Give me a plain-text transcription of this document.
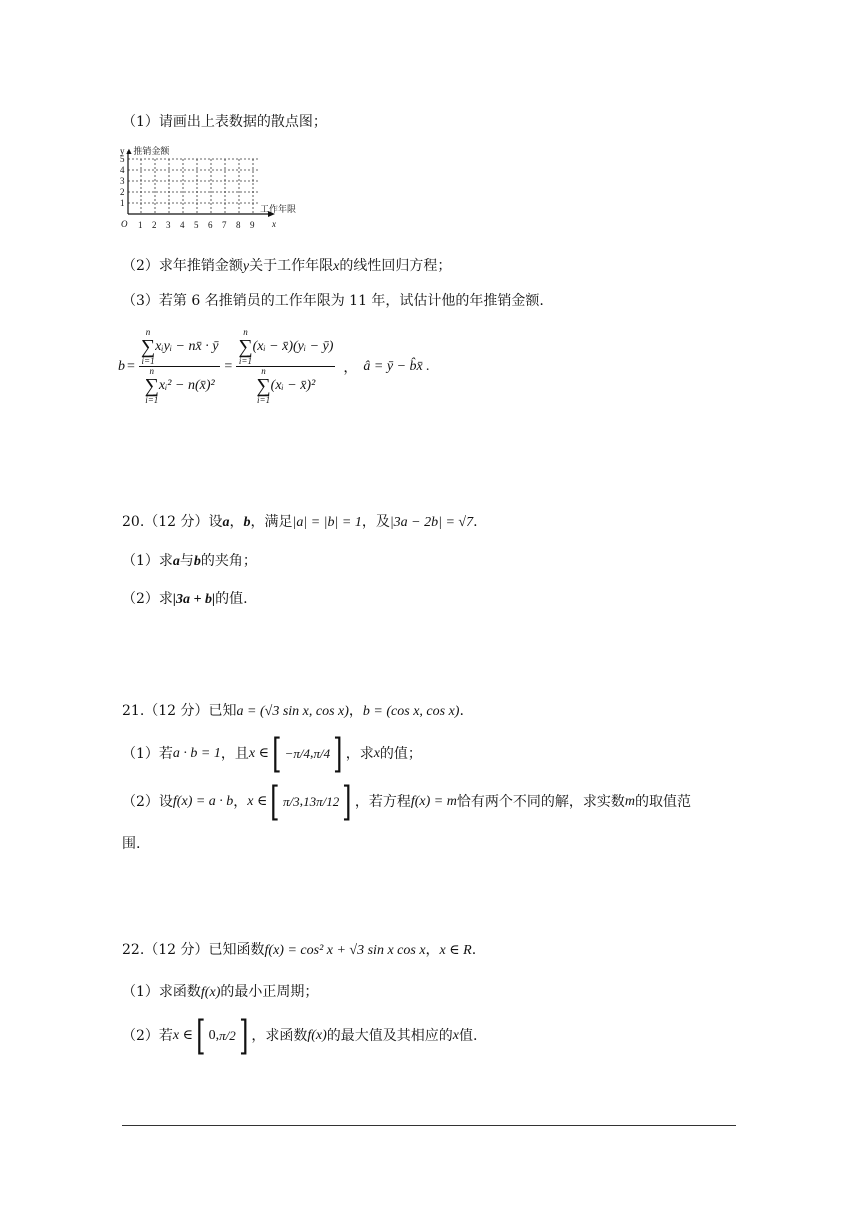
（1）请画出上表数据的散点图；
y▲推销金额
5
4
3
2
1
O 1 2 3 4 5 6 7 8 9
工作年限
x
（2）求年推销金额y关于工作年限x的线性回归方程；
（3）若第 6 名推销员的工作年限为 11 年，试估计他的年推销金额.
b = n
∑
i=1
xᵢyᵢ − nx̄ · ȳ
n
∑
i=1
xᵢ² − n(x̄)² = n
∑
i=1
(xᵢ − x̄)(yᵢ − ȳ)
n
∑
i=1
(xᵢ − x̄)² ， â = ȳ − b̂x̄ .
20.（12 分）设a，b，满足|a| = |b| = 1，及|3a − 2b| = √7.
（1）求a与b的夹角；
（2）求|3a + b|的值.
21.（12 分）已知a = (√3 sin x, cos x)，b = (cos x, cos x).
（1）若 a · b = 1 ，且 x ∈ [ −π/4 , π/4 ] ，求 x 的值；
（2）设 f(x) = a · b ， x ∈ [ π/3 , 13π/12 ] ，若方程 f(x) = m 恰有两个不同的解，求实数 m 的取值范
围.
22.（12 分）已知函数f(x) = cos² x + √3 sin x cos x，x ∈ R.
（1）求函数f(x)的最小正周期；
（2）若 x ∈ [ 0 , π/2 ] ，求函数 f(x) 的最大值及其相应的 x 值.
